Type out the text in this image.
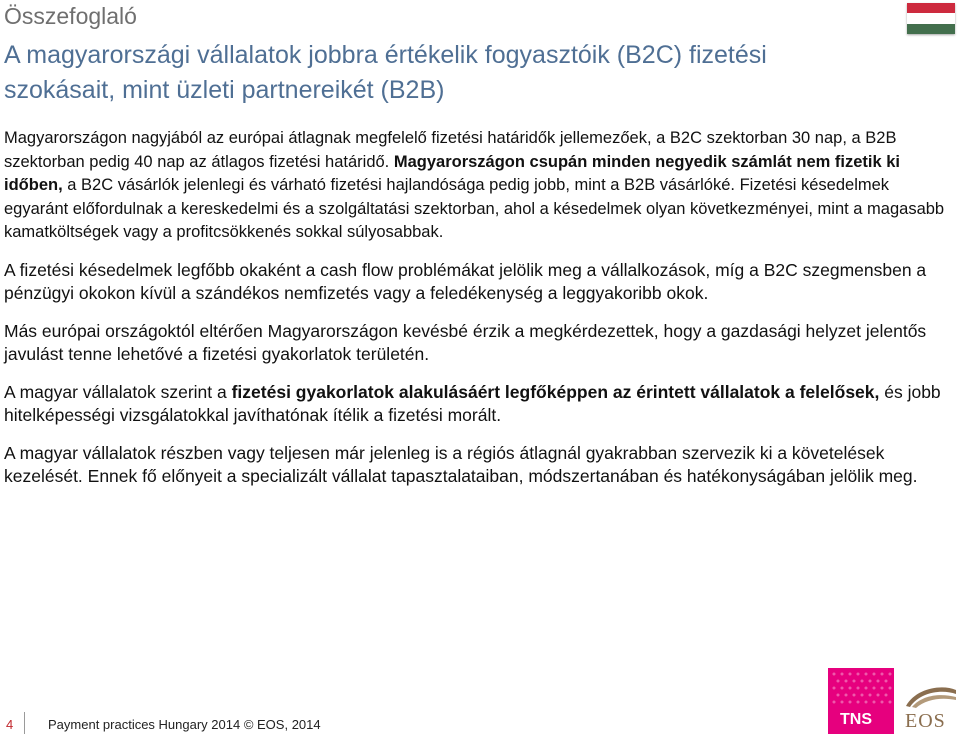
Összefoglaló
A magyarországi vállalatok jobbra értékelik fogyasztóik (B2C) fizetési szokásait, mint üzleti partnereikét (B2B)

Magyarországon nagyjából az európai átlagnak megfelelő fizetési határidők jellemezőek, a B2C szektorban 30 nap, a B2B szektorban pedig 40 nap az átlagos fizetési határidő. Magyarországon csupán minden negyedik számlát nem fizetik ki időben, a B2C vásárlók jelenlegi és várható fizetési hajlandósága pedig jobb, mint a B2B vásárlóké. Fizetési késedelmek egyaránt előfordulnak a kereskedelmi és a szolgáltatási szektorban, ahol a késedelmek olyan következményei, mint a magasabb kamatköltségek vagy a profitcsökkenés sokkal súlyosabbak.

A fizetési késedelmek legfőbb okaként a cash flow problémákat jelölik meg a vállalkozások, míg a B2C szegmensben a pénzügyi okokon kívül a szándékos nemfizetés vagy a feledékenység a leggyakoribb okok.

Más európai országoktól eltérően Magyarországon kevésbé érzik a megkérdezettek, hogy a gazdasági helyzet jelentős javulást tenne lehetővé a fizetési gyakorlatok területén.

A magyar vállalatok szerint a fizetési gyakorlatok alakulásáért legfőképpen az érintett vállalatok a felelősek, és jobb hitelképességi vizsgálatokkal javíthatónak ítélik a fizetési morált.

A magyar vállalatok részben vagy teljesen már jelenleg is a régiós átlagnál gyakrabban szervezik ki a követelések kezelését. Ennek fő előnyeit a specializált vállalat tapasztalataiban, módszertanában és hatékonyságában jelölik meg.

4	Payment practices Hungary 2014 © EOS, 2014	TNS EOS
